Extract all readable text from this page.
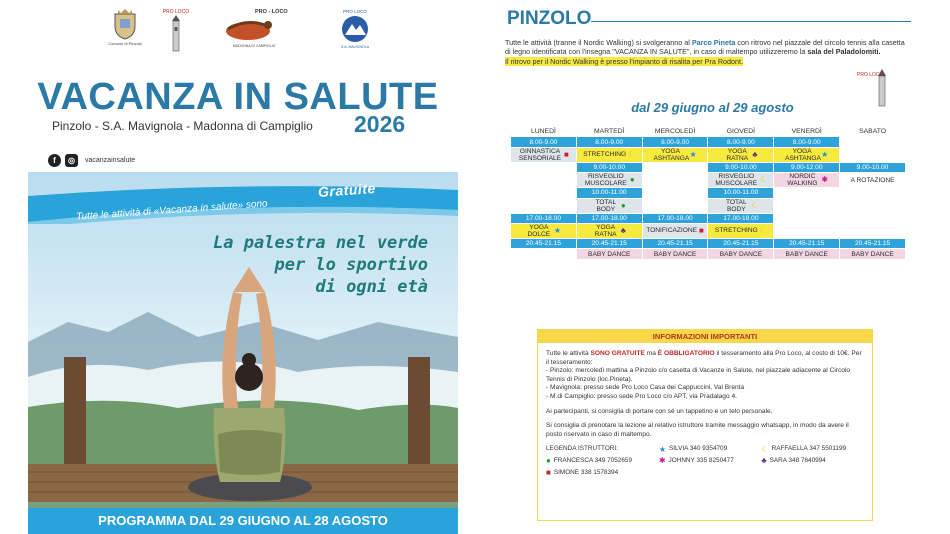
Comune di Pinzolo
PRO LOCO	PRO - LOCO
MADONNA DI CAMPIGLIO
PRO LOCO
S.A. MAVIGNOLA
VACANZA IN SALUTE
Pinzolo - S.A. Mavignola - Madonna di Campiglio 2026
f	◎	vacanzainsalute
Tutte le attività di «Vacanza in salute» sono
Gratuite
La palestra nel verde
per lo sportivo
di ogni età
PROGRAMMA DAL 29 GIUGNO AL 28 AGOSTO
PINZOLO
Tutte le attività (tranne il Nordic Walking) si svolgeranno al Parco Pineta con ritrovo nel piazzale del circolo tennis alla casetta di legno identificata con l'insegna "VACANZA IN SALUTE", in caso di maltempo utilizzeremo la sala del Paladolomiti.
Il ritrovo per il Nordic Walking è presso l'impianto di risalita per Pra Rodont.
PRO LOCO
dal 29 giugno al 29 agosto
LUNEDÌ	MARTEDÌ	MERCOLEDÌ	GIOVEDÌ	VENERDÌ	SABATO
8.00-9.00	8.00-9.00	8.00-9.00	8.00-9.00	8.00-9.00	

GINNASTICA SENSORIALE ■	STRETCHING ☾	YOGA ASHTANGA ★	YOGA RATNA ♣	YOGA ASHTANGA ★	

	9.00-10.00		9.00-10.00	9.00-12.00	9.00-10.00

	RISVEGLIO MUSCOLARE ●		RISVEGLIO MUSCOLARE ☾	NORDIC WALKING ✱	A ROTAZIONE
	10.00-11.00		10.00-11.00		

	TOTAL BODY ●		TOTAL BODY ☾		

17.00-18.00	17.00-18.00	17.00-18.00	17.00-18.00		

YOGA DOLCE ★	YOGA RATNA ♣	TONIFICAZIONE ■	STRETCHING ☾		

20.45-21.15	20.45-21.15	20.45-21.15	20.45-21.15	20.45-21.15	20.45-21.15
	BABY DANCE	BABY DANCE	BABY DANCE	BABY DANCE	BABY DANCE
INFORMAZIONI IMPORTANTI
Tutte le attività SONO GRATUITE ma È OBBLIGATORIO il tesseramento alla Pro Loco, al costo di 10€. Per il tesseramento:
- Pinzolo: mercoledì mattina a Pinzolo c/o casetta di Vacanze in Salute, nel piazzale adiacente al Circolo Tennis di Pinzolo (loc.Pineta).
- Mavignola: presso sede Pro Loco Casa dei Cappuccini, Val Brenta
- M.di Campiglio: presso sede Pro Loco c/o APT, via Pradalago 4.
Ai partecipanti, si consiglia di portare con sé un tappetino e un telo personale.
Si consiglia di prenotare la lezione al relativo istruttore tramite messaggio whatsapp, in modo da avere il posto riservato in caso di maltempo.
LEGENDA ISTRUTTORI:	★ SILVIA 340 9354709	☾ RAFFAELLA 347 5501199
● FRANCESCA 349 7052659	✱ JOHNNY 335 8250477	♣ SARA 348 7640994
■ SIMONE 338 1578394
